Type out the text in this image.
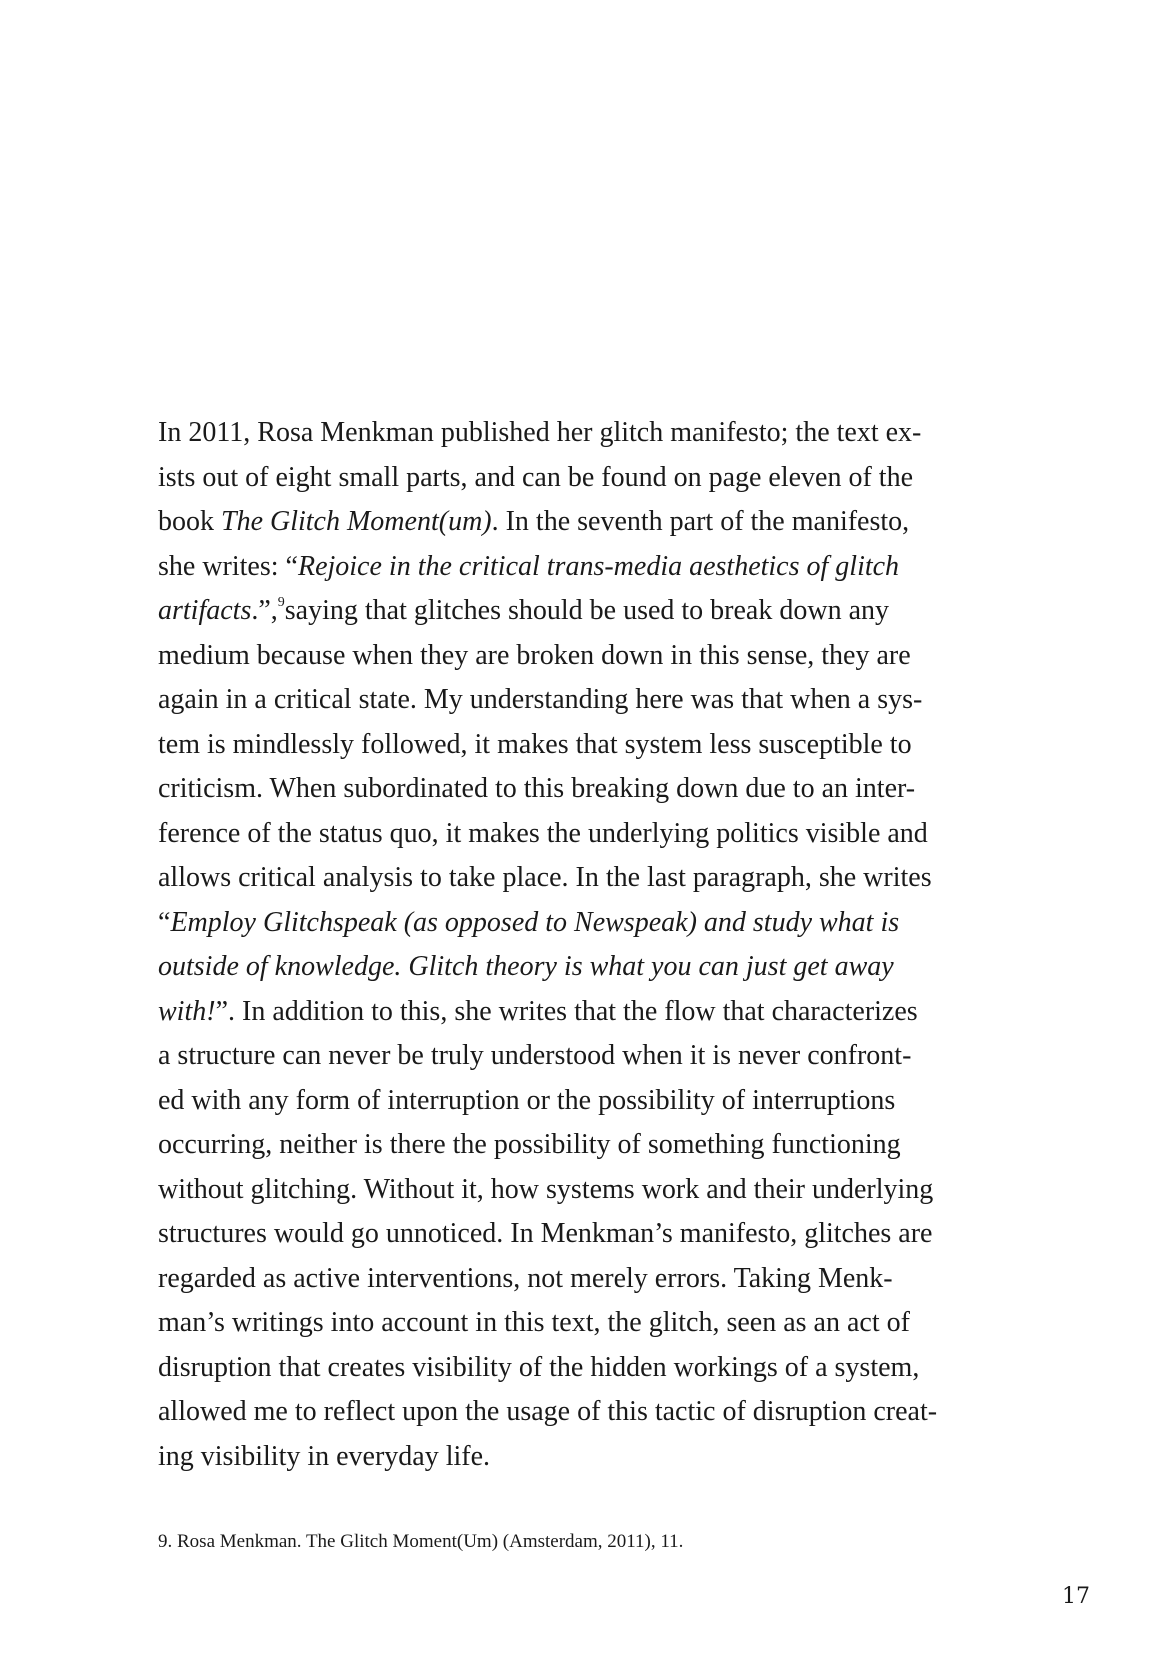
In 2011, Rosa Menkman published her glitch manifesto; the text ex-
ists out of eight small parts, and can be found on page eleven of the
book The Glitch Moment(um). In the seventh part of the manifesto,
she writes: “Rejoice in the critical trans-media aesthetics of glitch
artifacts.”,$^9$saying that glitches should be used to break down any
medium because when they are broken down in this sense, they are
again in a critical state. My understanding here was that when a sys-
tem is mindlessly followed, it makes that system less susceptible to
criticism. When subordinated to this breaking down due to an inter-
ference of the status quo, it makes the underlying politics visible and
allows critical analysis to take place. In the last paragraph, she writes
“Employ Glitchspeak (as opposed to Newspeak) and study what is
outside of knowledge. Glitch theory is what you can just get away
with!”. In addition to this, she writes that the flow that characterizes
a structure can never be truly understood when it is never confront-
ed with any form of interruption or the possibility of interruptions
occurring, neither is there the possibility of something functioning
without glitching. Without it, how systems work and their underlying
structures would go unnoticed. In Menkman’s manifesto, glitches are
regarded as active interventions, not merely errors. Taking Menk-
man’s writings into account in this text, the glitch, seen as an act of
disruption that creates visibility of the hidden workings of a system,
allowed me to reflect upon the usage of this tactic of disruption creat-
ing visibility in everyday life.

9. Rosa Menkman. The Glitch Moment(Um) (Amsterdam, 2011), 11.

17
